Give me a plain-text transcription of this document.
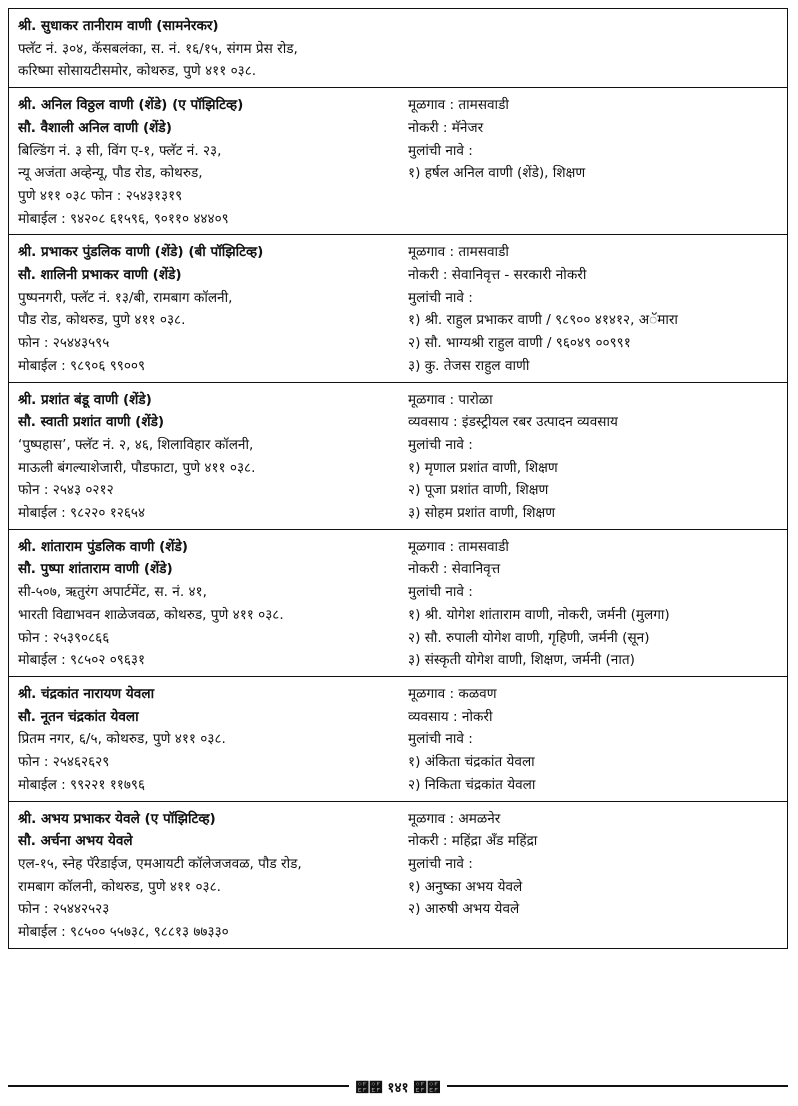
श्री. सुधाकर तानीराम वाणी (सामनेरकर)
फ्लॅट नं. ३०४, कॅसबलंका, स. नं. १६/१५, संगम प्रेस रोड,
करिष्मा सोसायटीसमोर, कोथरुड, पुणे ४११ ०३८.
श्री. अनिल विठ्ठल वाणी (शेंडे) (ए पॉझिटिव्ह)
सौ. वैशाली अनिल वाणी (शेंडे)
बिल्डिंग नं. ३ सी, विंग ए-१, फ्लॅट नं. २३,
न्यू अजंता अव्हेन्यू, पौड रोड, कोथरुड,
पुणे ४११ ०३८ फोन : २५४३१३१९
मोबाईल : ९४२०८ ६१५९६, ९०११० ४४४०९
मूळगाव : तामसवाडी
नोकरी : मॅनेजर
मुलांची नावे :
१) हर्षल अनिल वाणी (शेंडे), शिक्षण
श्री. प्रभाकर पुंडलिक वाणी (शेंडे) (बी पॉझिटिव्ह)
सौ. शालिनी प्रभाकर वाणी (शेंडे)
पुष्पनगरी, फ्लॅट नं. १३/बी, रामबाग कॉलनी,
पौड रोड, कोथरुड, पुणे ४११ ०३८.
फोन : २५४४३५९५
मोबाईल : ९८९०६ ९९००९
मूळगाव : तामसवाडी
नोकरी : सेवानिवृत्त - सरकारी नोकरी
मुलांची नावे :
१) श्री. राहुल प्रभाकर वाणी / ९८९०० ४१४१२, अॅमारा
२) सौ. भाग्यश्री राहुल वाणी / ९६०४९ ००९९१
३) कु. तेजस राहुल वाणी
श्री. प्रशांत बंडू वाणी (शेंडे)
सौ. स्वाती प्रशांत वाणी (शेंडे)
‘पुष्पहास’, फ्लॅट नं. २, ४६, शिलाविहार कॉलनी,
माऊली बंगल्याशेजारी, पौडफाटा, पुणे ४११ ०३८.
फोन : २५४३ ०२१२
मोबाईल : ९८२२० १२६५४
मूळगाव : पारोळा
व्यवसाय : इंडस्ट्रीयल रबर उत्पादन व्यवसाय
मुलांची नावे :
१) मृणाल प्रशांत वाणी, शिक्षण
२) पूजा प्रशांत वाणी, शिक्षण
३) सोहम प्रशांत वाणी, शिक्षण
श्री. शांताराम पुंडलिक वाणी (शेंडे)
सौ. पुष्पा शांताराम वाणी (शेंडे)
सी-५०७, ऋतुरंग अपार्टमेंट, स. नं. ४१,
भारती विद्याभवन शाळेजवळ, कोथरुड, पुणे ४११ ०३८.
फोन : २५३९०८६६
मोबाईल : ९८५०२ ०९६३१
मूळगाव : तामसवाडी
नोकरी : सेवानिवृत्त
मुलांची नावे :
१) श्री. योगेश शांताराम वाणी, नोकरी, जर्मनी (मुलगा)
२) सौ. रुपाली योगेश वाणी, गृहिणी, जर्मनी (सून)
३) संस्कृती योगेश वाणी, शिक्षण, जर्मनी (नात)
श्री. चंद्रकांत नारायण येवला
सौ. नूतन चंद्रकांत येवला
प्रितम नगर, ६/५, कोथरुड, पुणे ४११ ०३८.
फोन : २५४६२६२९
मोबाईल : ९९२२१ ११७९६
मूळगाव : कळवण
व्यवसाय : नोकरी
मुलांची नावे :
१) अंकिता चंद्रकांत येवला
२) निकिता चंद्रकांत येवला
श्री. अभय प्रभाकर येवले (ए पॉझिटिव्ह)
सौ. अर्चना अभय येवले
एल-१५, स्नेह पॅरेडाईज, एमआयटी कॉलेजजवळ, पौड रोड,
रामबाग कॉलनी, कोथरुड, पुणे ४११ ०३८.
फोन : २५४४२५२३
मोबाईल : ९८५०० ५५७३८, ९८८१३ ७७३३०
मूळगाव : अमळनेर
नोकरी : महिंद्रा अँड महिंद्रा
मुलांची नावे :
१) अनुष्का अभय येवले
२) आरुषी अभय येवले
࿯࿯ १४१ ࿯࿯
